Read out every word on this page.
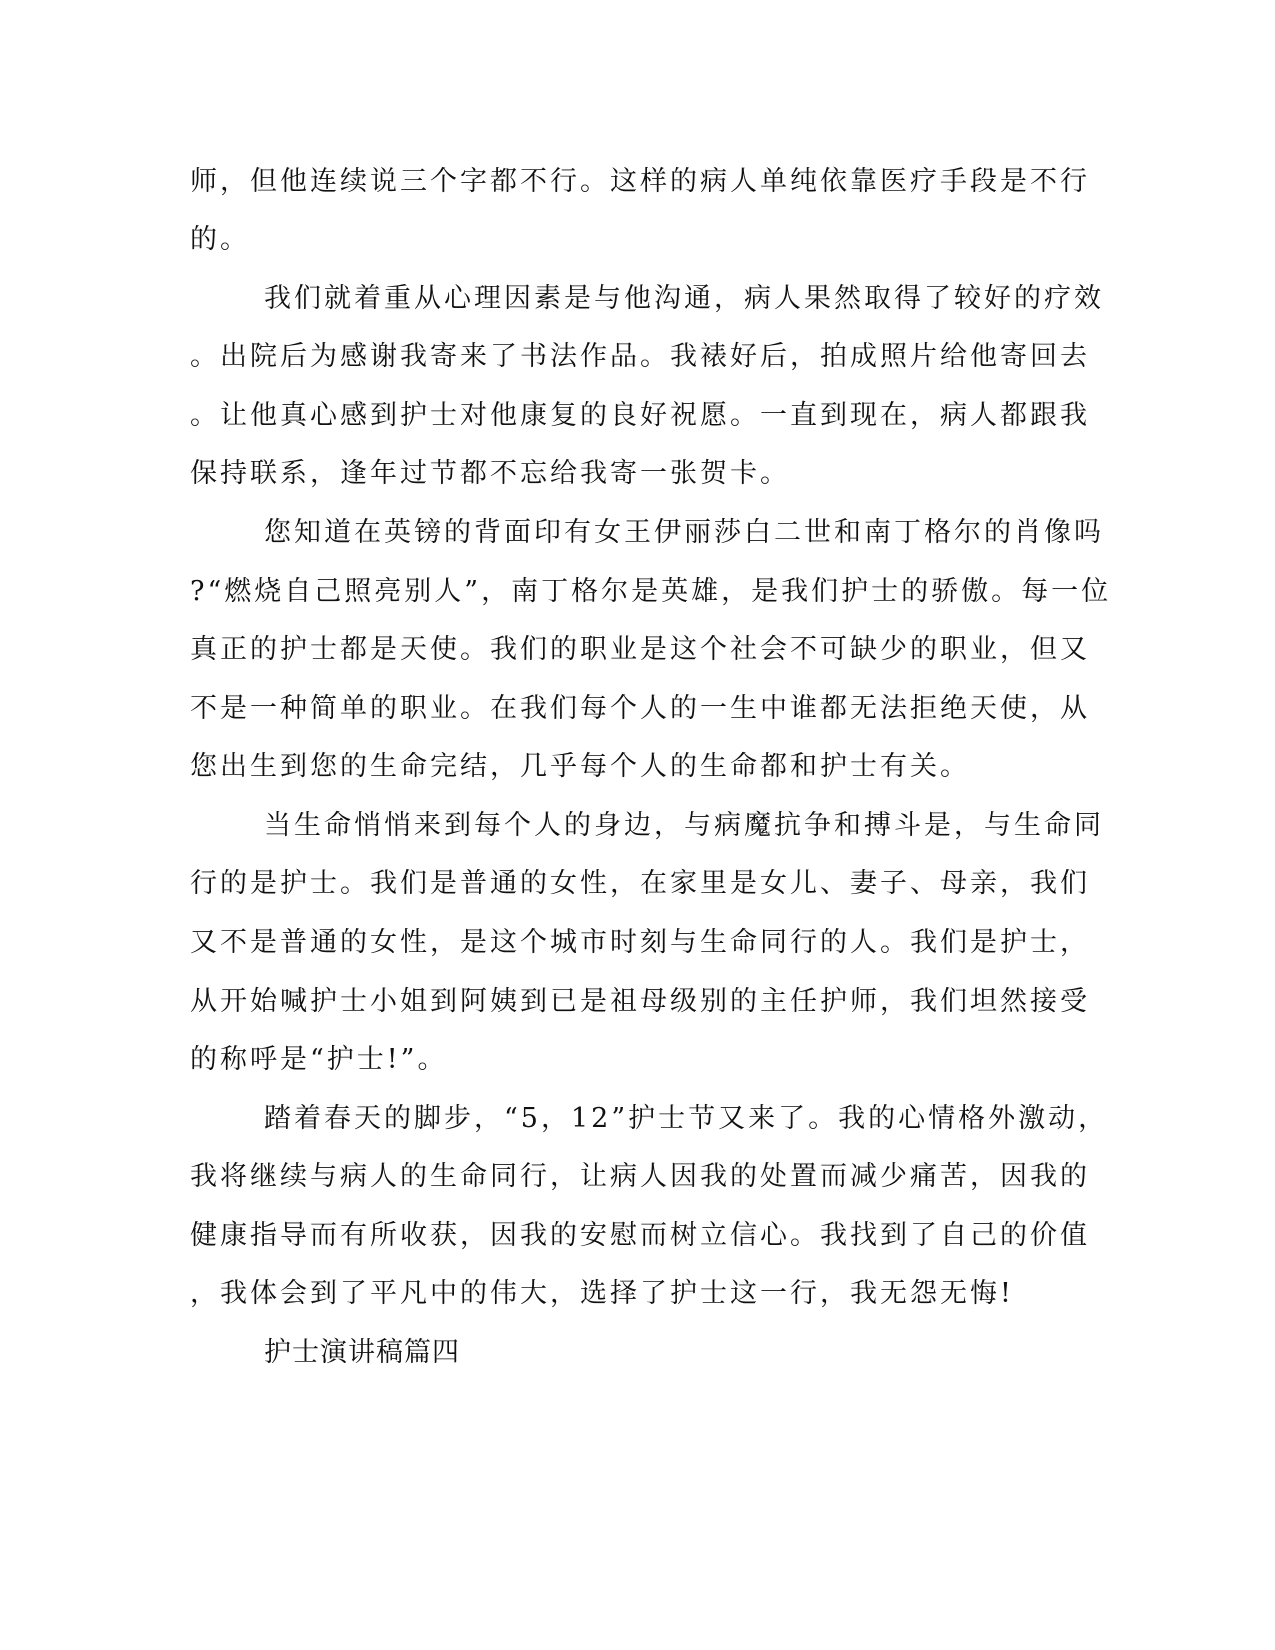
师，但他连续说三个字都不行。这样的病人单纯依靠医疗手段是不行
的。
我们就着重从心理因素是与他沟通，病人果然取得了较好的疗效
。出院后为感谢我寄来了书法作品。我裱好后，拍成照片给他寄回去
。让他真心感到护士对他康复的良好祝愿。一直到现在，病人都跟我
保持联系，逢年过节都不忘给我寄一张贺卡。
您知道在英镑的背面印有女王伊丽莎白二世和南丁格尔的肖像吗
?“燃烧自己照亮别人”，南丁格尔是英雄，是我们护士的骄傲。每一位
真正的护士都是天使。我们的职业是这个社会不可缺少的职业，但又
不是一种简单的职业。在我们每个人的一生中谁都无法拒绝天使，从
您出生到您的生命完结，几乎每个人的生命都和护士有关。
当生命悄悄来到每个人的身边，与病魔抗争和搏斗是，与生命同
行的是护士。我们是普通的女性，在家里是女儿、妻子、母亲，我们
又不是普通的女性，是这个城市时刻与生命同行的人。我们是护士，
从开始喊护士小姐到阿姨到已是祖母级别的主任护师，我们坦然接受
的称呼是“护士!”。
踏着春天的脚步，“5，12”护士节又来了。我的心情格外激动，
我将继续与病人的生命同行，让病人因我的处置而减少痛苦，因我的
健康指导而有所收获，因我的安慰而树立信心。我找到了自己的价值
，我体会到了平凡中的伟大，选择了护士这一行，我无怨无悔!
护士演讲稿篇四
